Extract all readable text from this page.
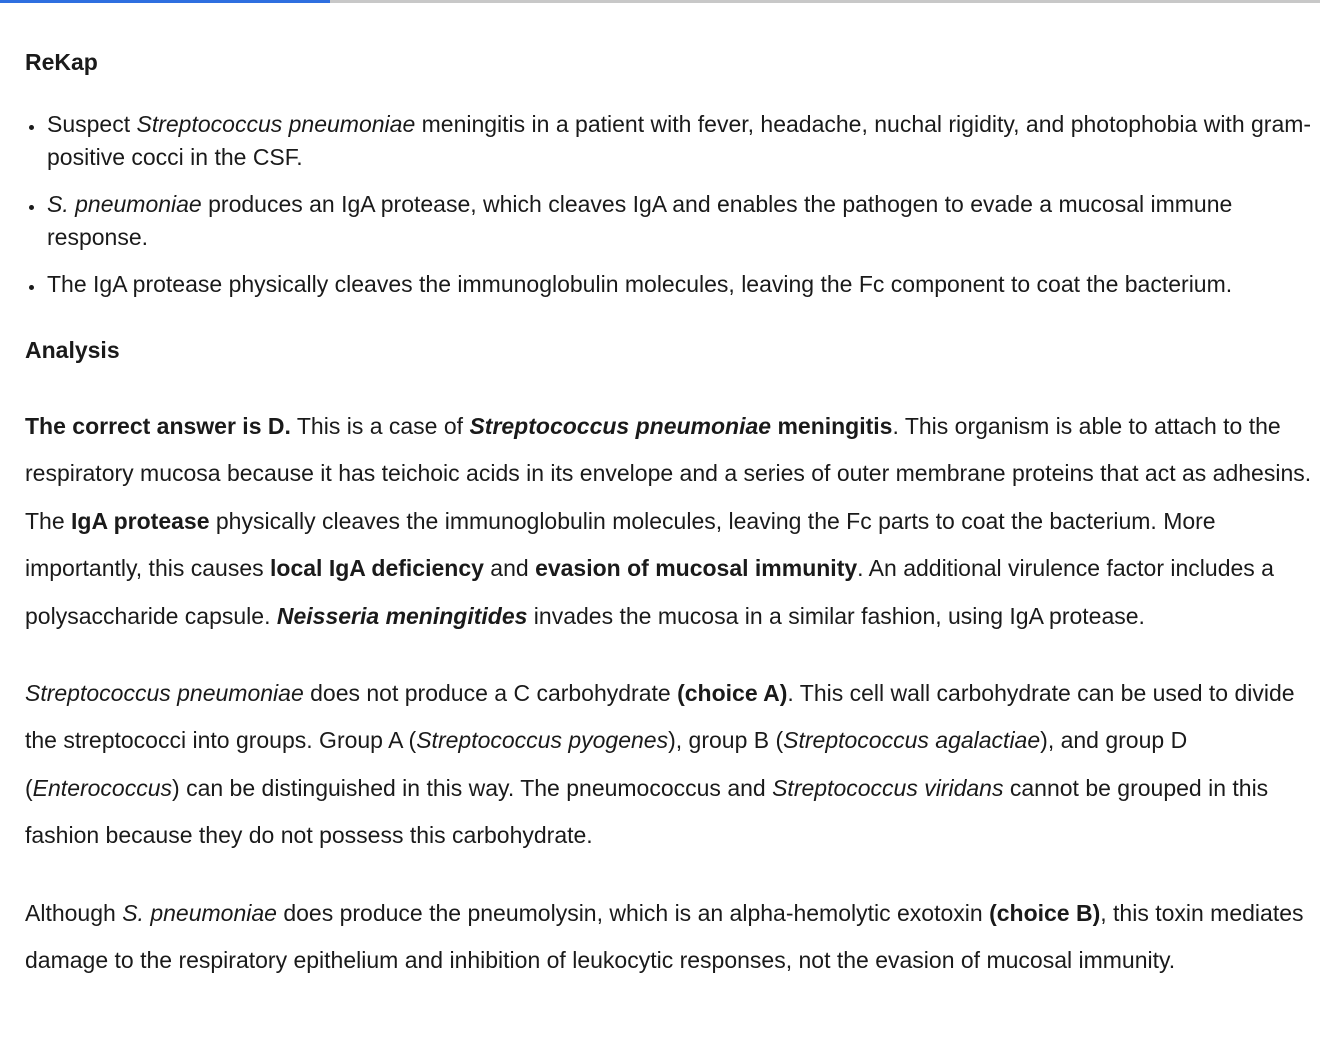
ReKap
• Suspect Streptococcus pneumoniae meningitis in a patient with fever, headache, nuchal rigidity, and photophobia with gram-positive cocci in the CSF.
• S. pneumoniae produces an IgA protease, which cleaves IgA and enables the pathogen to evade a mucosal immune response.
• The IgA protease physically cleaves the immunoglobulin molecules, leaving the Fc component to coat the bacterium.
Analysis

The correct answer is D. This is a case of Streptococcus pneumoniae meningitis. This organism is able to attach to the respiratory mucosa because it has teichoic acids in its envelope and a series of outer membrane proteins that act as adhesins. The IgA protease physically cleaves the immunoglobulin molecules, leaving the Fc parts to coat the bacterium. More importantly, this causes local IgA deficiency and evasion of mucosal immunity. An additional virulence factor includes a polysaccharide capsule. Neisseria meningitides invades the mucosa in a similar fashion, using IgA protease.

Streptococcus pneumoniae does not produce a C carbohydrate (choice A). This cell wall carbohydrate can be used to divide the streptococci into groups. Group A (Streptococcus pyogenes), group B (Streptococcus agalactiae), and group D (Enterococcus) can be distinguished in this way. The pneumococcus and Streptococcus viridans cannot be grouped in this fashion because they do not possess this carbohydrate.

Although S. pneumoniae does produce the pneumolysin, which is an alpha-hemolytic exotoxin (choice B), this toxin mediates damage to the respiratory epithelium and inhibition of leukocytic responses, not the evasion of mucosal immunity.
